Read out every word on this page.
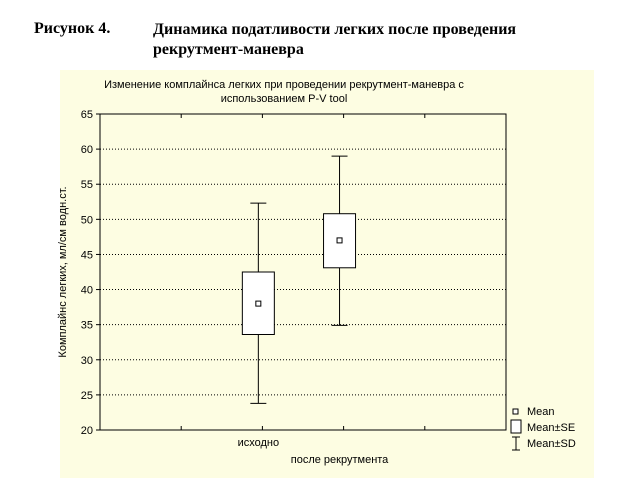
Рисунок 4.	Динамика податливости легких после проведения
рекрутмент-маневра
Изменение комплайнса легких при проведении рекрутмент-маневра с
использованием P-V tool
20
25
30
35
40
45
50
55
60
65
Комплайнс легких, мл/см водн.ст.
исходно
после рекрутмента
Mean
Mean±SE
Mean±SD
